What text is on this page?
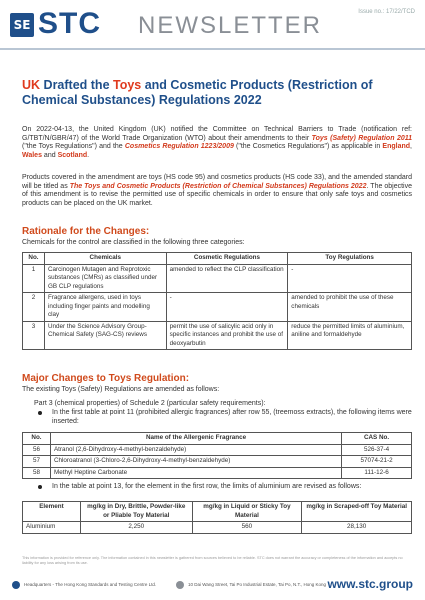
SE STC NEWSLETTER	Issue no.: 17/22/TCD
UK Drafted the Toys and Cosmetic Products (Restriction of Chemical Substances) Regulations 2022
On 2022-04-13, the United Kingdom (UK) notified the Committee on Technical Barriers to Trade (notification ref: G/TBT/N/GBR/47) of the World Trade Organization (WTO) about their amendments to their Toys (Safety) Regulation 2011 ("the Toys Regulations") and the Cosmetics Regulation 1223/2009 ("the Cosmetics Regulations") as applicable in England, Wales and Scotland.
Products covered in the amendment are toys (HS code 95) and cosmetics products (HS code 33), and the amended standard will be titled as The Toys and Cosmetic Products (Restriction of Chemical Substances) Regulations 2022. The objective of this amendment is to revise the permitted use of specific chemicals in order to ensure that only safe toys and cosmetics products can be placed on the UK market.
Rationale for the Changes:
Chemicals for the control are classified in the following three categories:
No.	Chemicals	Cosmetic Regulations	Toy Regulations
1	Carcinogen Mutagen and Reprotoxic substances (CMRs) as classified under GB CLP regulations	amended to reflect the CLP classification	-
2	Fragrance allergens, used in toys including finger paints and modelling clay	-	amended to prohibit the use of these chemicals
3	Under the Science Advisory Group-Chemical Safety (SAG-CS) reviews	permit the use of salicylic acid only in specific instances and prohibit the use of deoxyarbutin	reduce the permitted limits of aluminium, aniline and formaldehyde
Major Changes to Toys Regulation:
The existing Toys (Safety) Regulations are amended as follows:
Part 3 (chemical properties) of Schedule 2 (particular safety requirements):
In the first table at point 11 (prohibited allergic fragrances) after row 55, (treemoss extracts), the following items were inserted:
No.	Name of the Allergenic Fragrance	CAS No.
56	Atranol (2,6-Dihydroxy-4-methyl-benzaldehyde)	526-37-4
57	Chloroatranol (3-Chloro-2,6-Dihydroxy-4-methyl-benzaldehyde)	57074-21-2
58	Methyl Heptine Carbonate	111-12-6
In the table at point 13, for the element in the first row, the limits of aluminium are revised as follows:
Element	mg/kg in Dry, Brittle, Powder-like or Pliable Toy Material	mg/kg in Liquid or Sticky Toy Material	mg/kg in Scraped-off Toy Material
Aluminium	2,250	560	28,130
This information is provided for reference only. The information contained in this newsletter is gathered from sources believed to be reliable. STC does not warrant the accuracy or completeness of the information and accepts no liability for any loss arising from its use.
Headquarters - The Hong Kong Standards and Testing Centre Ltd.	10 Dai Wang Street, Tai Po Industrial Estate, Tai Po, N.T., Hong Kong www.stc.group
